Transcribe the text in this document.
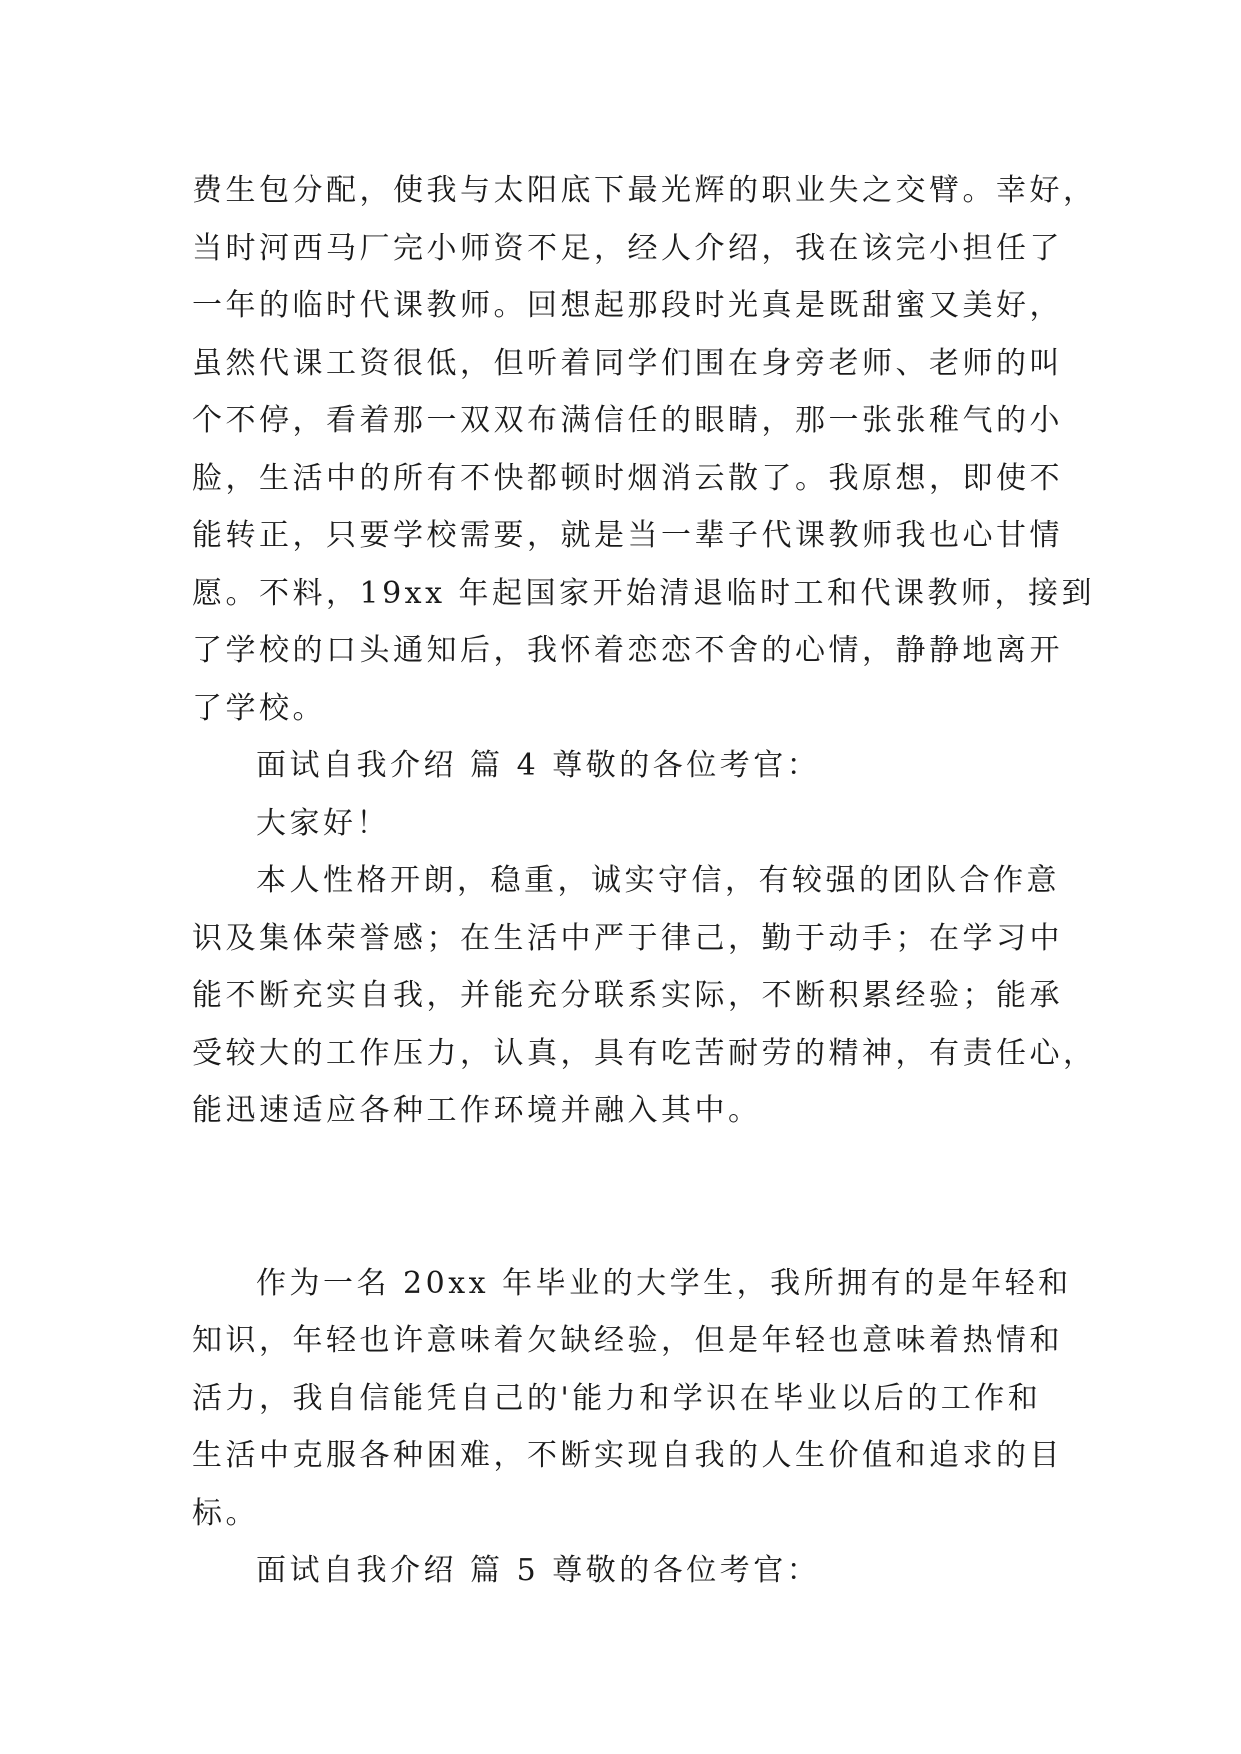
费生包分配，使我与太阳底下最光辉的职业失之交臂。幸好，
当时河西马厂完小师资不足，经人介绍，我在该完小担任了
一年的临时代课教师。回想起那段时光真是既甜蜜又美好，
虽然代课工资很低，但听着同学们围在身旁老师、老师的叫
个不停，看着那一双双布满信任的眼睛，那一张张稚气的小
脸，生活中的所有不快都顿时烟消云散了。我原想，即使不
能转正，只要学校需要，就是当一辈子代课教师我也心甘情
愿。不料，19xx 年起国家开始清退临时工和代课教师，接到
了学校的口头通知后，我怀着恋恋不舍的心情，静静地离开
了学校。
面试自我介绍 篇 4 尊敬的各位考官：
大家好！
本人性格开朗，稳重，诚实守信，有较强的团队合作意
识及集体荣誉感；在生活中严于律己，勤于动手；在学习中
能不断充实自我，并能充分联系实际，不断积累经验；能承
受较大的工作压力，认真，具有吃苦耐劳的精神，有责任心，
能迅速适应各种工作环境并融入其中。
作为一名 20xx 年毕业的大学生，我所拥有的是年轻和
知识，年轻也许意味着欠缺经验，但是年轻也意味着热情和
活力，我自信能凭自己的'能力和学识在毕业以后的工作和
生活中克服各种困难，不断实现自我的人生价值和追求的目
标。
面试自我介绍 篇 5 尊敬的各位考官：
